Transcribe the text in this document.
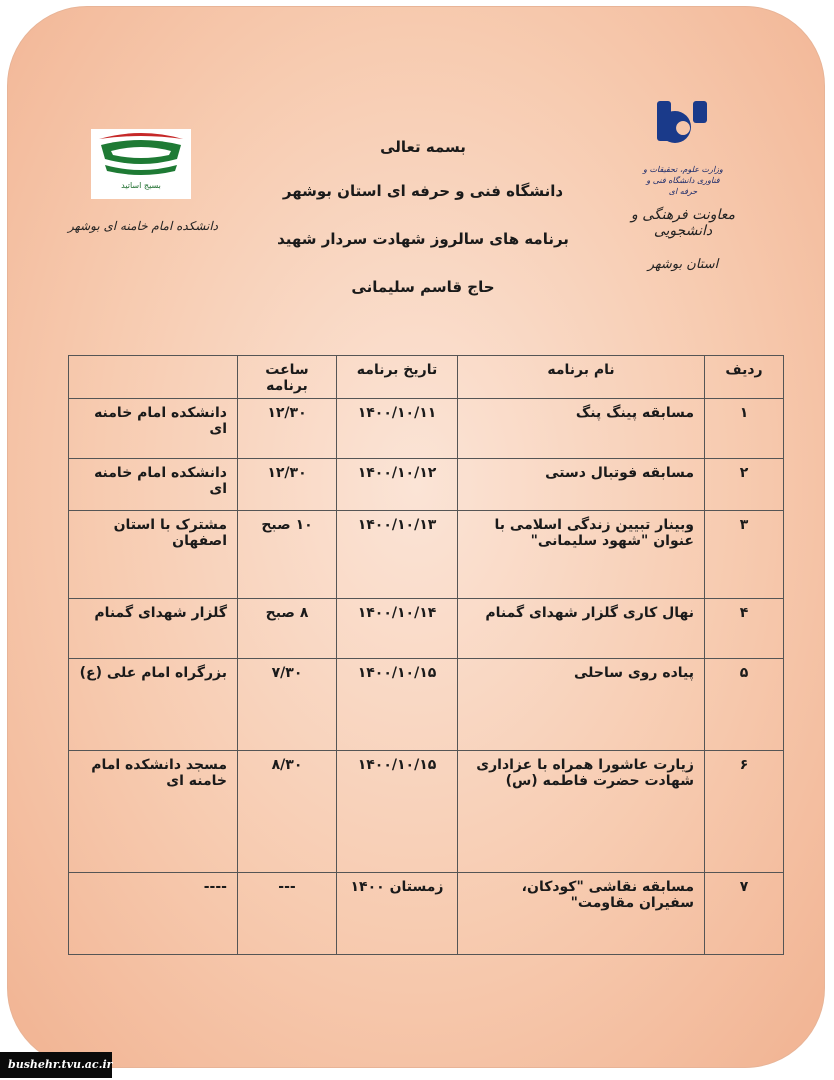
بسمه تعالی
دانشگاه فنی و حرفه ای استان بوشهر
برنامه های سالروز شهادت سردار شهید
حاج قاسم سلیمانی
وزارت علوم، تحقیقات و فناوری دانشگاه فنی و حرفه ای
معاونت فرهنگی و دانشجویی
استان بوشهر
بسیج اساتید
دانشکده امام خامنه ای بوشهر
ردیف	نام برنامه	تاریخ برنامه	ساعت برنامه	
۱	مسابقه پینگ پنگ	۱۴۰۰/۱۰/۱۱	۱۲/۳۰	دانشکده امام خامنه ای
۲	مسابقه فوتبال دستی	۱۴۰۰/۱۰/۱۲	۱۲/۳۰	دانشکده امام خامنه ای
۳	وبینار تبیین زندگی اسلامی با عنوان "شهود سلیمانی"	۱۴۰۰/۱۰/۱۳	۱۰ صبح	مشترک با استان اصفهان
۴	نهال کاری گلزار شهدای گمنام	۱۴۰۰/۱۰/۱۴	۸ صبح	گلزار شهدای گمنام
۵	پیاده روی ساحلی	۱۴۰۰/۱۰/۱۵	۷/۳۰	بزرگراه امام علی (ع)
۶	زیارت عاشورا همراه با عزاداری شهادت حضرت فاطمه (س)	۱۴۰۰/۱۰/۱۵	۸/۳۰	مسجد دانشکده امام خامنه ای
۷	مسابقه نقاشی "کودکان، سفیران مقاومت"	زمستان ۱۴۰۰	---	----
bushehr.tvu.ac.ir
